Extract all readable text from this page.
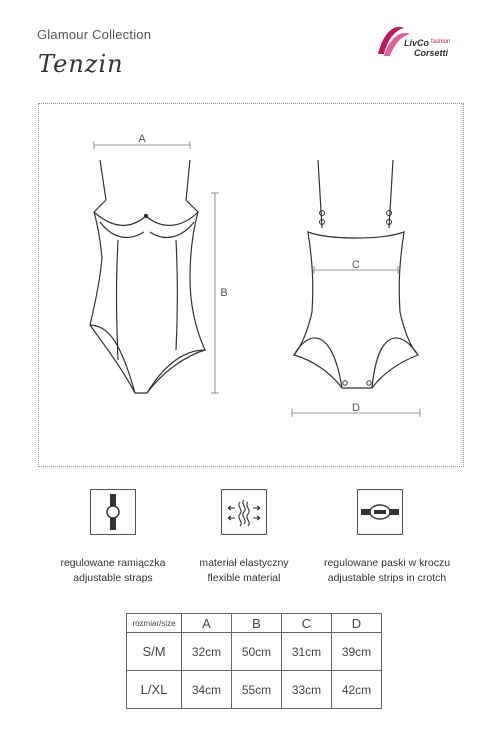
Glamour Collection
Tenzin
LivCo fashion
Corsetti
A
B
C
D
regulowane ramiączka
adjustable straps
materiał elastyczny
flexible material
regulowane paski w kroczu
adjustable strips in crotch
rozmiar/size	A	B	C	D
S/M	32cm	50cm	31cm	39cm
L/XL	34cm	55cm	33cm	42cm
